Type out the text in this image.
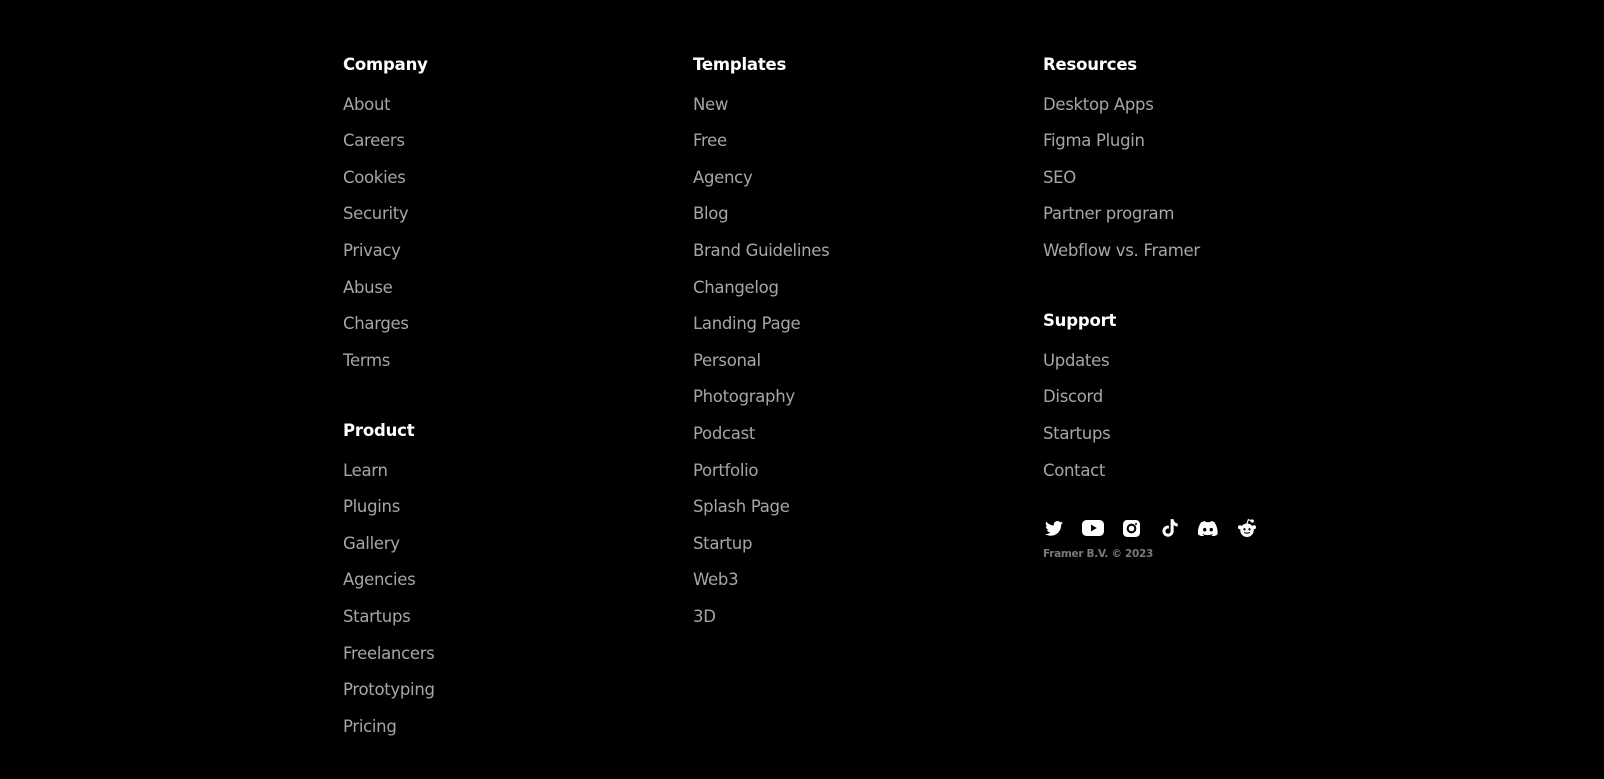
Company
About
Careers
Cookies
Security
Privacy
Abuse
Charges
Terms
Product
Learn
Plugins
Gallery
Agencies
Startups
Freelancers
Prototyping
Pricing
Templates
New
Free
Agency
Blog
Brand Guidelines
Changelog
Landing Page
Personal
Photography
Podcast
Portfolio
Splash Page
Startup
Web3
3D
Resources
Desktop Apps
Figma Plugin
SEO
Partner program
Webflow vs. Framer
Support
Updates
Discord
Startups
Contact
Framer B.V. © 2023
